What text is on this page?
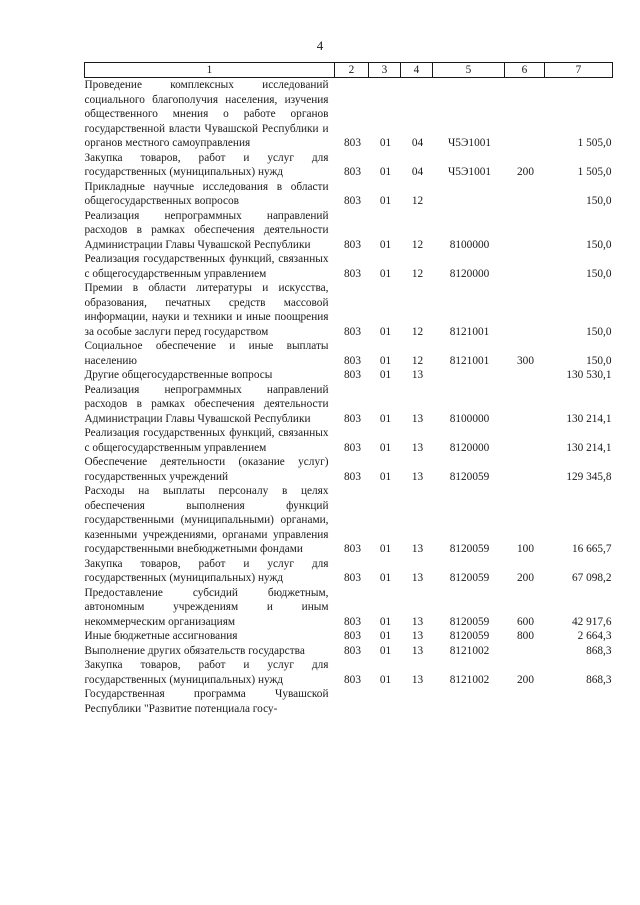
4
1	2	3	4	5	6	7
Проведение комплексных исследований социального благополучия населения, изучения общественного мнения о работе органов государственной власти Чувашской Республики и органов местного самоуправления	803	01	04	Ч5Э1001		1 505,0
Закупка товаров, работ и услуг для государственных (муниципальных) нужд	803	01	04	Ч5Э1001	200	1 505,0
Прикладные научные исследования в области общегосударственных вопросов	803	01	12			150,0
Реализация непрограммных направлений расходов в рамках обеспечения деятельности Администрации Главы Чувашской Республики	803	01	12	8100000		150,0
Реализация государственных функций, связанных с общегосударственным управлением	803	01	12	8120000		150,0
Премии в области литературы и искусства, образования, печатных средств массовой информации, науки и техники и иные поощрения за особые заслуги перед государством	803	01	12	8121001		150,0
Социальное обеспечение и иные выплаты населению	803	01	12	8121001	300	150,0
Другие общегосударственные вопросы	803	01	13			130 530,1
Реализация непрограммных направлений расходов в рамках обеспечения деятельности Администрации Главы Чувашской Республики	803	01	13	8100000		130 214,1
Реализация государственных функций, связанных с общегосударственным управлением	803	01	13	8120000		130 214,1
Обеспечение деятельности (оказание услуг) государственных учреждений	803	01	13	8120059		129 345,8
Расходы на выплаты персоналу в целях обеспечения выполнения функций государственными (муниципальными) органами, казенными учреждениями, органами управления государственными внебюджетными фондами	803	01	13	8120059	100	16 665,7
Закупка товаров, работ и услуг для государственных (муниципальных) нужд	803	01	13	8120059	200	67 098,2
Предоставление субсидий бюджетным, автономным учреждениям и иным некоммерческим организациям	803	01	13	8120059	600	42 917,6
Иные бюджетные ассигнования	803	01	13	8120059	800	2 664,3
Выполнение других обязательств государства	803	01	13	8121002		868,3
Закупка товаров, работ и услуг для государственных (муниципальных) нужд	803	01	13	8121002	200	868,3
Государственная программа Чувашской Республики "Развитие потенциала госу-						
